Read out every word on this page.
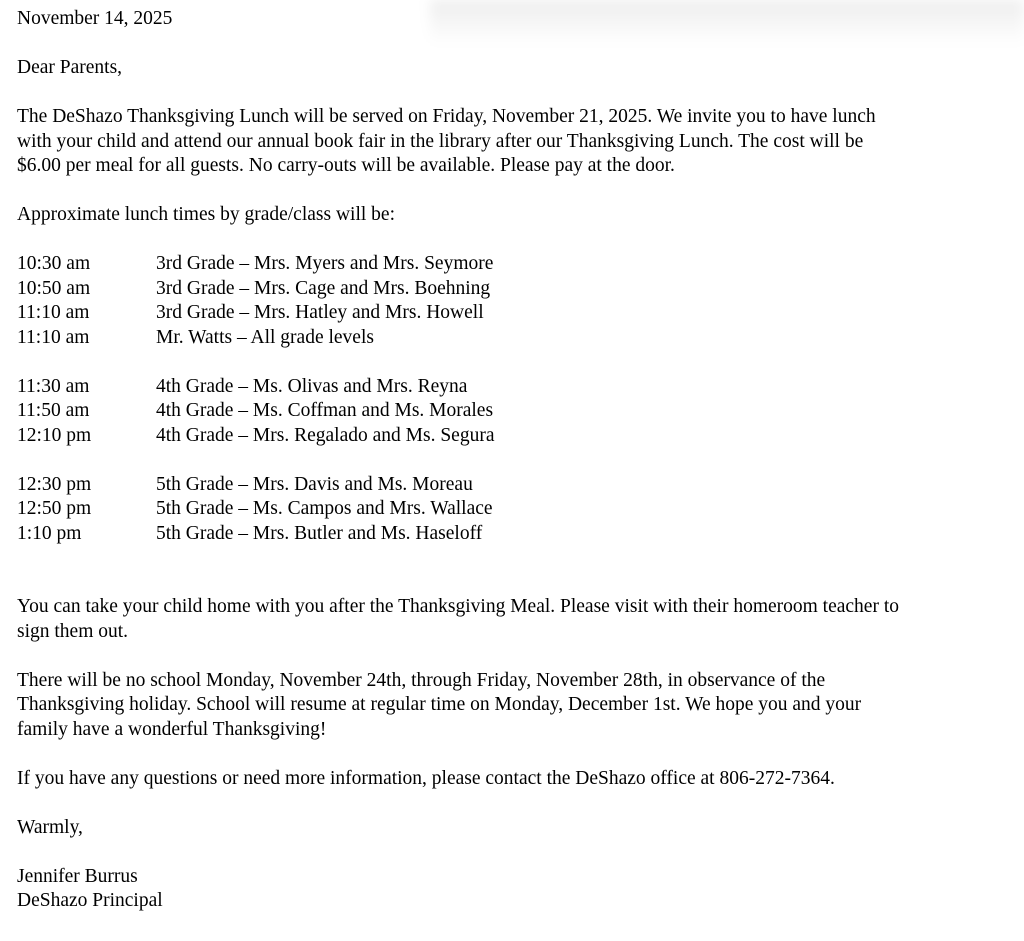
November 14, 2025
Dear Parents,
The DeShazo Thanksgiving Lunch will be served on Friday, November 21, 2025. We invite you to have lunch
with your child and attend our annual book fair in the library after our Thanksgiving Lunch. The cost will be
$6.00 per meal for all guests. No carry-outs will be available. Please pay at the door.
Approximate lunch times by grade/class will be:
10:30 am	3rd Grade – Mrs. Myers and Mrs. Seymore
10:50 am	3rd Grade – Mrs. Cage and Mrs. Boehning
11:10 am	3rd Grade – Mrs. Hatley and Mrs. Howell
11:10 am	Mr. Watts – All grade levels
11:30 am	4th Grade – Ms. Olivas and Mrs. Reyna
11:50 am	4th Grade – Ms. Coffman and Ms. Morales
12:10 pm	4th Grade – Mrs. Regalado and Ms. Segura
12:30 pm	5th Grade – Mrs. Davis and Ms. Moreau
12:50 pm	5th Grade – Ms. Campos and Mrs. Wallace
1:10 pm	5th Grade – Mrs. Butler and Ms. Haseloff
You can take your child home with you after the Thanksgiving Meal. Please visit with their homeroom teacher to
sign them out.
There will be no school Monday, November 24th, through Friday, November 28th, in observance of the
Thanksgiving holiday. School will resume at regular time on Monday, December 1st. We hope you and your
family have a wonderful Thanksgiving!
If you have any questions or need more information, please contact the DeShazo office at 806-272-7364.
Warmly,
Jennifer Burrus
DeShazo Principal
